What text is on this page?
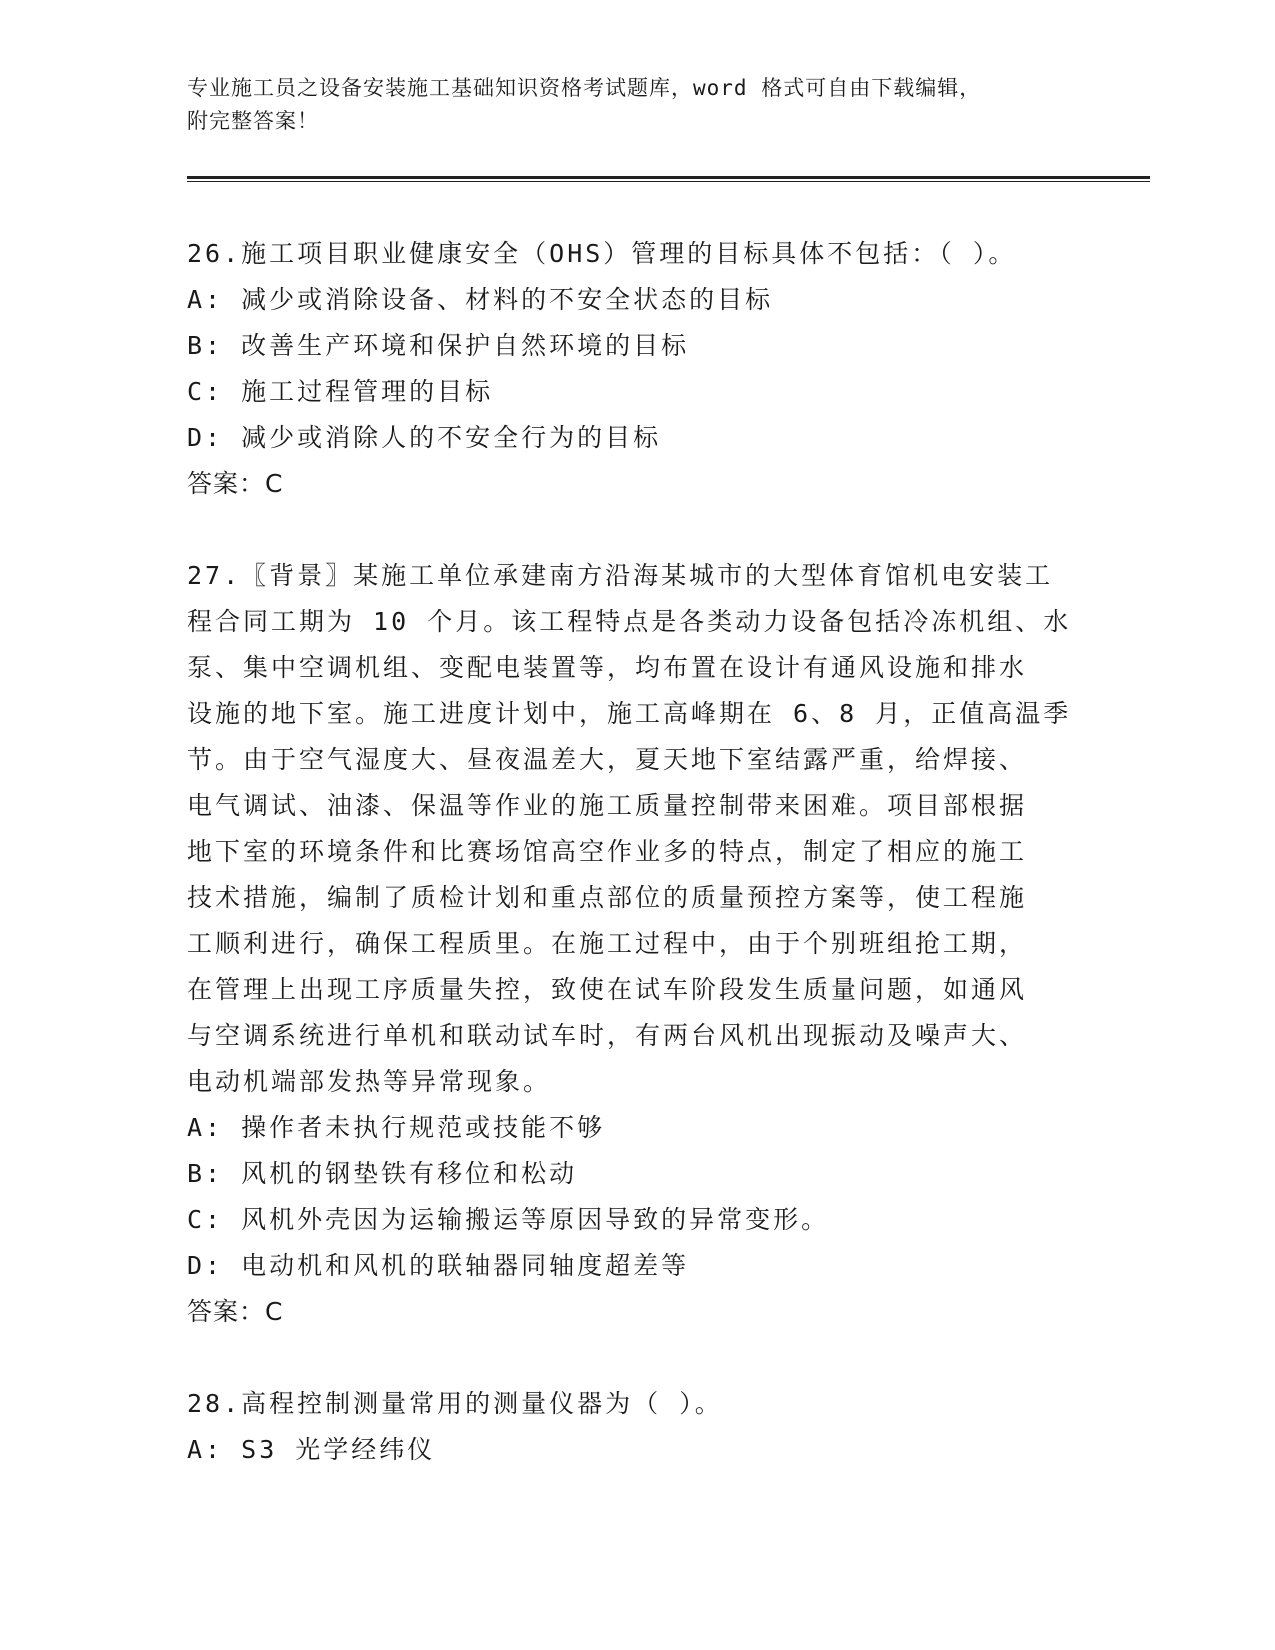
专业施工员之设备安装施工基础知识资格考试题库，word 格式可自由下载编辑，

附完整答案！

26.施工项目职业健康安全（OHS）管理的目标具体不包括：（ ）。

A: 减少或消除设备、材料的不安全状态的目标

B: 改善生产环境和保护自然环境的目标

C: 施工过程管理的目标

D: 减少或消除人的不安全行为的目标

答案：C

27.〖背景〗某施工单位承建南方沿海某城市的大型体育馆机电安装工

程合同工期为 10 个月。该工程特点是各类动力设备包括冷冻机组、水

泵、集中空调机组、变配电装置等，均布置在设计有通风设施和排水

设施的地下室。施工进度计划中，施工高峰期在 6、8 月，正值高温季

节。由于空气湿度大、昼夜温差大，夏天地下室结露严重，给焊接、

电气调试、油漆、保温等作业的施工质量控制带来困难。项目部根据

地下室的环境条件和比赛场馆高空作业多的特点，制定了相应的施工

技术措施，编制了质检计划和重点部位的质量预控方案等，使工程施

工顺利进行，确保工程质里。在施工过程中，由于个别班组抢工期，

在管理上出现工序质量失控，致使在试车阶段发生质量问题，如通风

与空调系统进行单机和联动试车时，有两台风机出现振动及噪声大、

电动机端部发热等异常现象。

A: 操作者未执行规范或技能不够

B: 风机的钢垫铁有移位和松动

C: 风机外壳因为运输搬运等原因导致的异常变形。

D: 电动机和风机的联轴器同轴度超差等

答案：C

28.高程控制测量常用的测量仪器为（ ）。

A: S3 光学经纬仪
